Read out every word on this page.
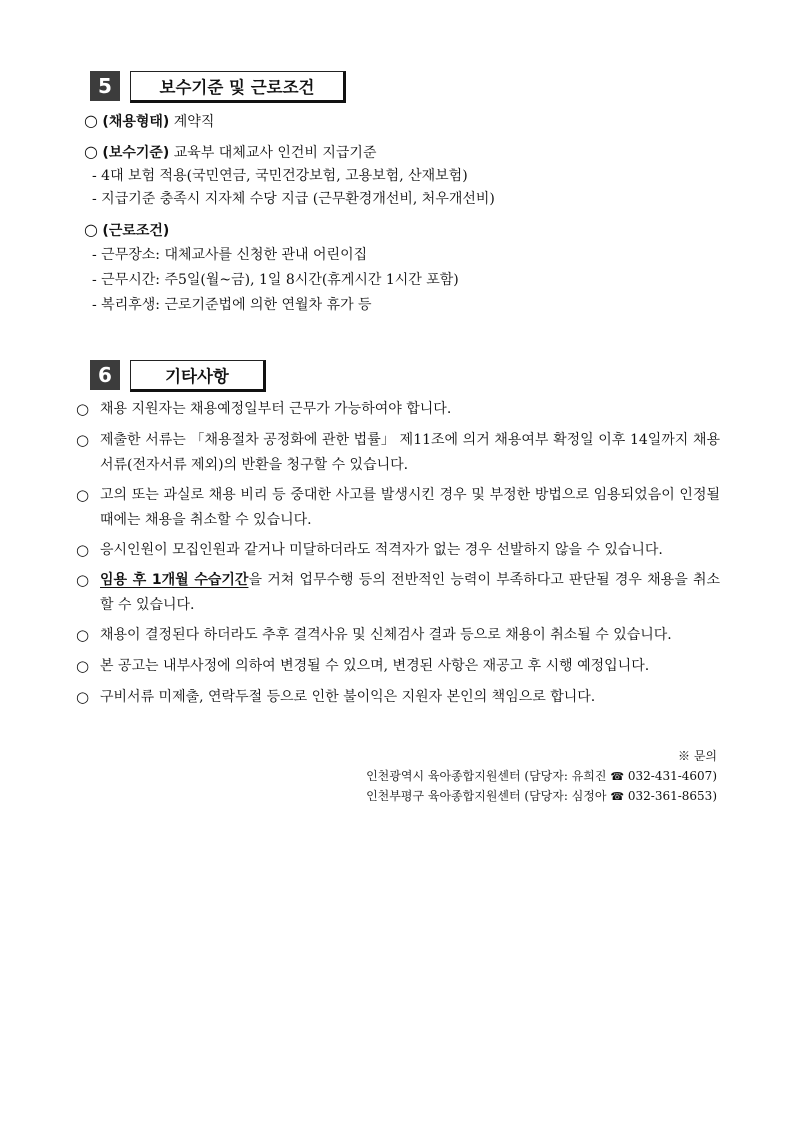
5	보수기준 및 근로조건
○ (채용형태) 계약직
○ (보수기준) 교육부 대체교사 인건비 지급기준
- 4대 보험 적용(국민연금, 국민건강보험, 고용보험, 산재보험)
- 지급기준 충족시 지자체 수당 지급 (근무환경개선비, 처우개선비)
○ (근로조건)
- 근무장소: 대체교사를 신청한 관내 어린이집
- 근무시간: 주5일(월~금), 1일 8시간(휴게시간 1시간 포함)
- 복리후생: 근로기준법에 의한 연월차 휴가 등
6	기타사항
○ 채용 지원자는 채용예정일부터 근무가 가능하여야 합니다.
○ 제출한 서류는 「채용절차 공정화에 관한 법률」 제11조에 의거 채용여부 확정일 이후 14일까지 채용서류(전자서류 제외)의 반환을 청구할 수 있습니다.
○ 고의 또는 과실로 채용 비리 등 중대한 사고를 발생시킨 경우 및 부정한 방법으로 임용되었음이 인정될 때에는 채용을 취소할 수 있습니다.
○ 응시인원이 모집인원과 같거나 미달하더라도 적격자가 없는 경우 선발하지 않을 수 있습니다.
○ 임용 후 1개월 수습기간을 거쳐 업무수행 등의 전반적인 능력이 부족하다고 판단될 경우 채용을 취소할 수 있습니다.
○ 채용이 결정된다 하더라도 추후 결격사유 및 신체검사 결과 등으로 채용이 취소될 수 있습니다.
○ 본 공고는 내부사정에 의하여 변경될 수 있으며, 변경된 사항은 재공고 후 시행 예정입니다.
○ 구비서류 미제출, 연락두절 등으로 인한 불이익은 지원자 본인의 책임으로 합니다.
※ 문의
인천광역시 육아종합지원센터 (담당자: 유희진 ☎ 032-431-4607)
인천부평구 육아종합지원센터 (담당자: 심정아 ☎ 032-361-8653)
